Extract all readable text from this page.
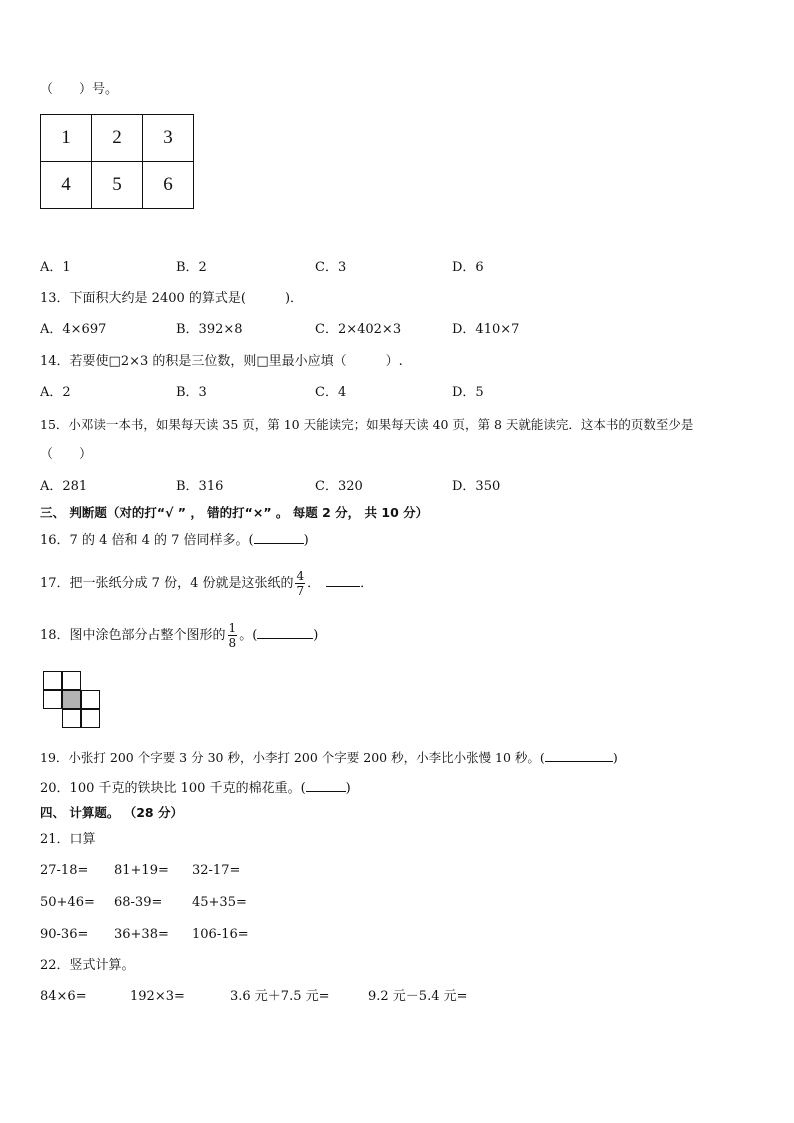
（　　）号。
1	2	3
4	5	6
A．1	B．2	C．3	D．6
13．下面积大约是 2400 的算式是(　　　)．
A．4×697	B．392×8	C．2×402×3	D．410×7
14．若要使□2×3 的积是三位数，则□里最小应填（　　　）.
A．2	B．3	C．4	D．5
15．小邓读一本书，如果每天读 35 页，第 10 天能读完；如果每天读 40 页，第 8 天就能读完．这本书的页数至少是
（　　）
A．281	B．316	C．320	D．350
三、 判断题（对的打“√ ” ， 错的打“×” 。 每题 2 分， 共 10 分）
16．7 的 4 倍和 4 的 7 倍同样多。(	)
17．把一张纸分成 7 份，4 份就是这张纸的 $\frac{4}{7}$ ．	．
18．图中涂色部分占整个图形的 $\frac{1}{8}$ 。(	)
19．小张打 200 个字要 3 分 30 秒，小李打 200 个字要 200 秒，小李比小张慢 10 秒。(	)
20．100 千克的铁块比 100 千克的棉花重。(	)
四、 计算题。 （28 分）
21．口算
27-18= 81+19= 32-17=
50+46= 68-39= 45+35=
90-36= 36+38= 106-16=
22．竖式计算。
84×6=	192×3=	3.6 元＋7.5 元=	9.2 元－5.4 元=
